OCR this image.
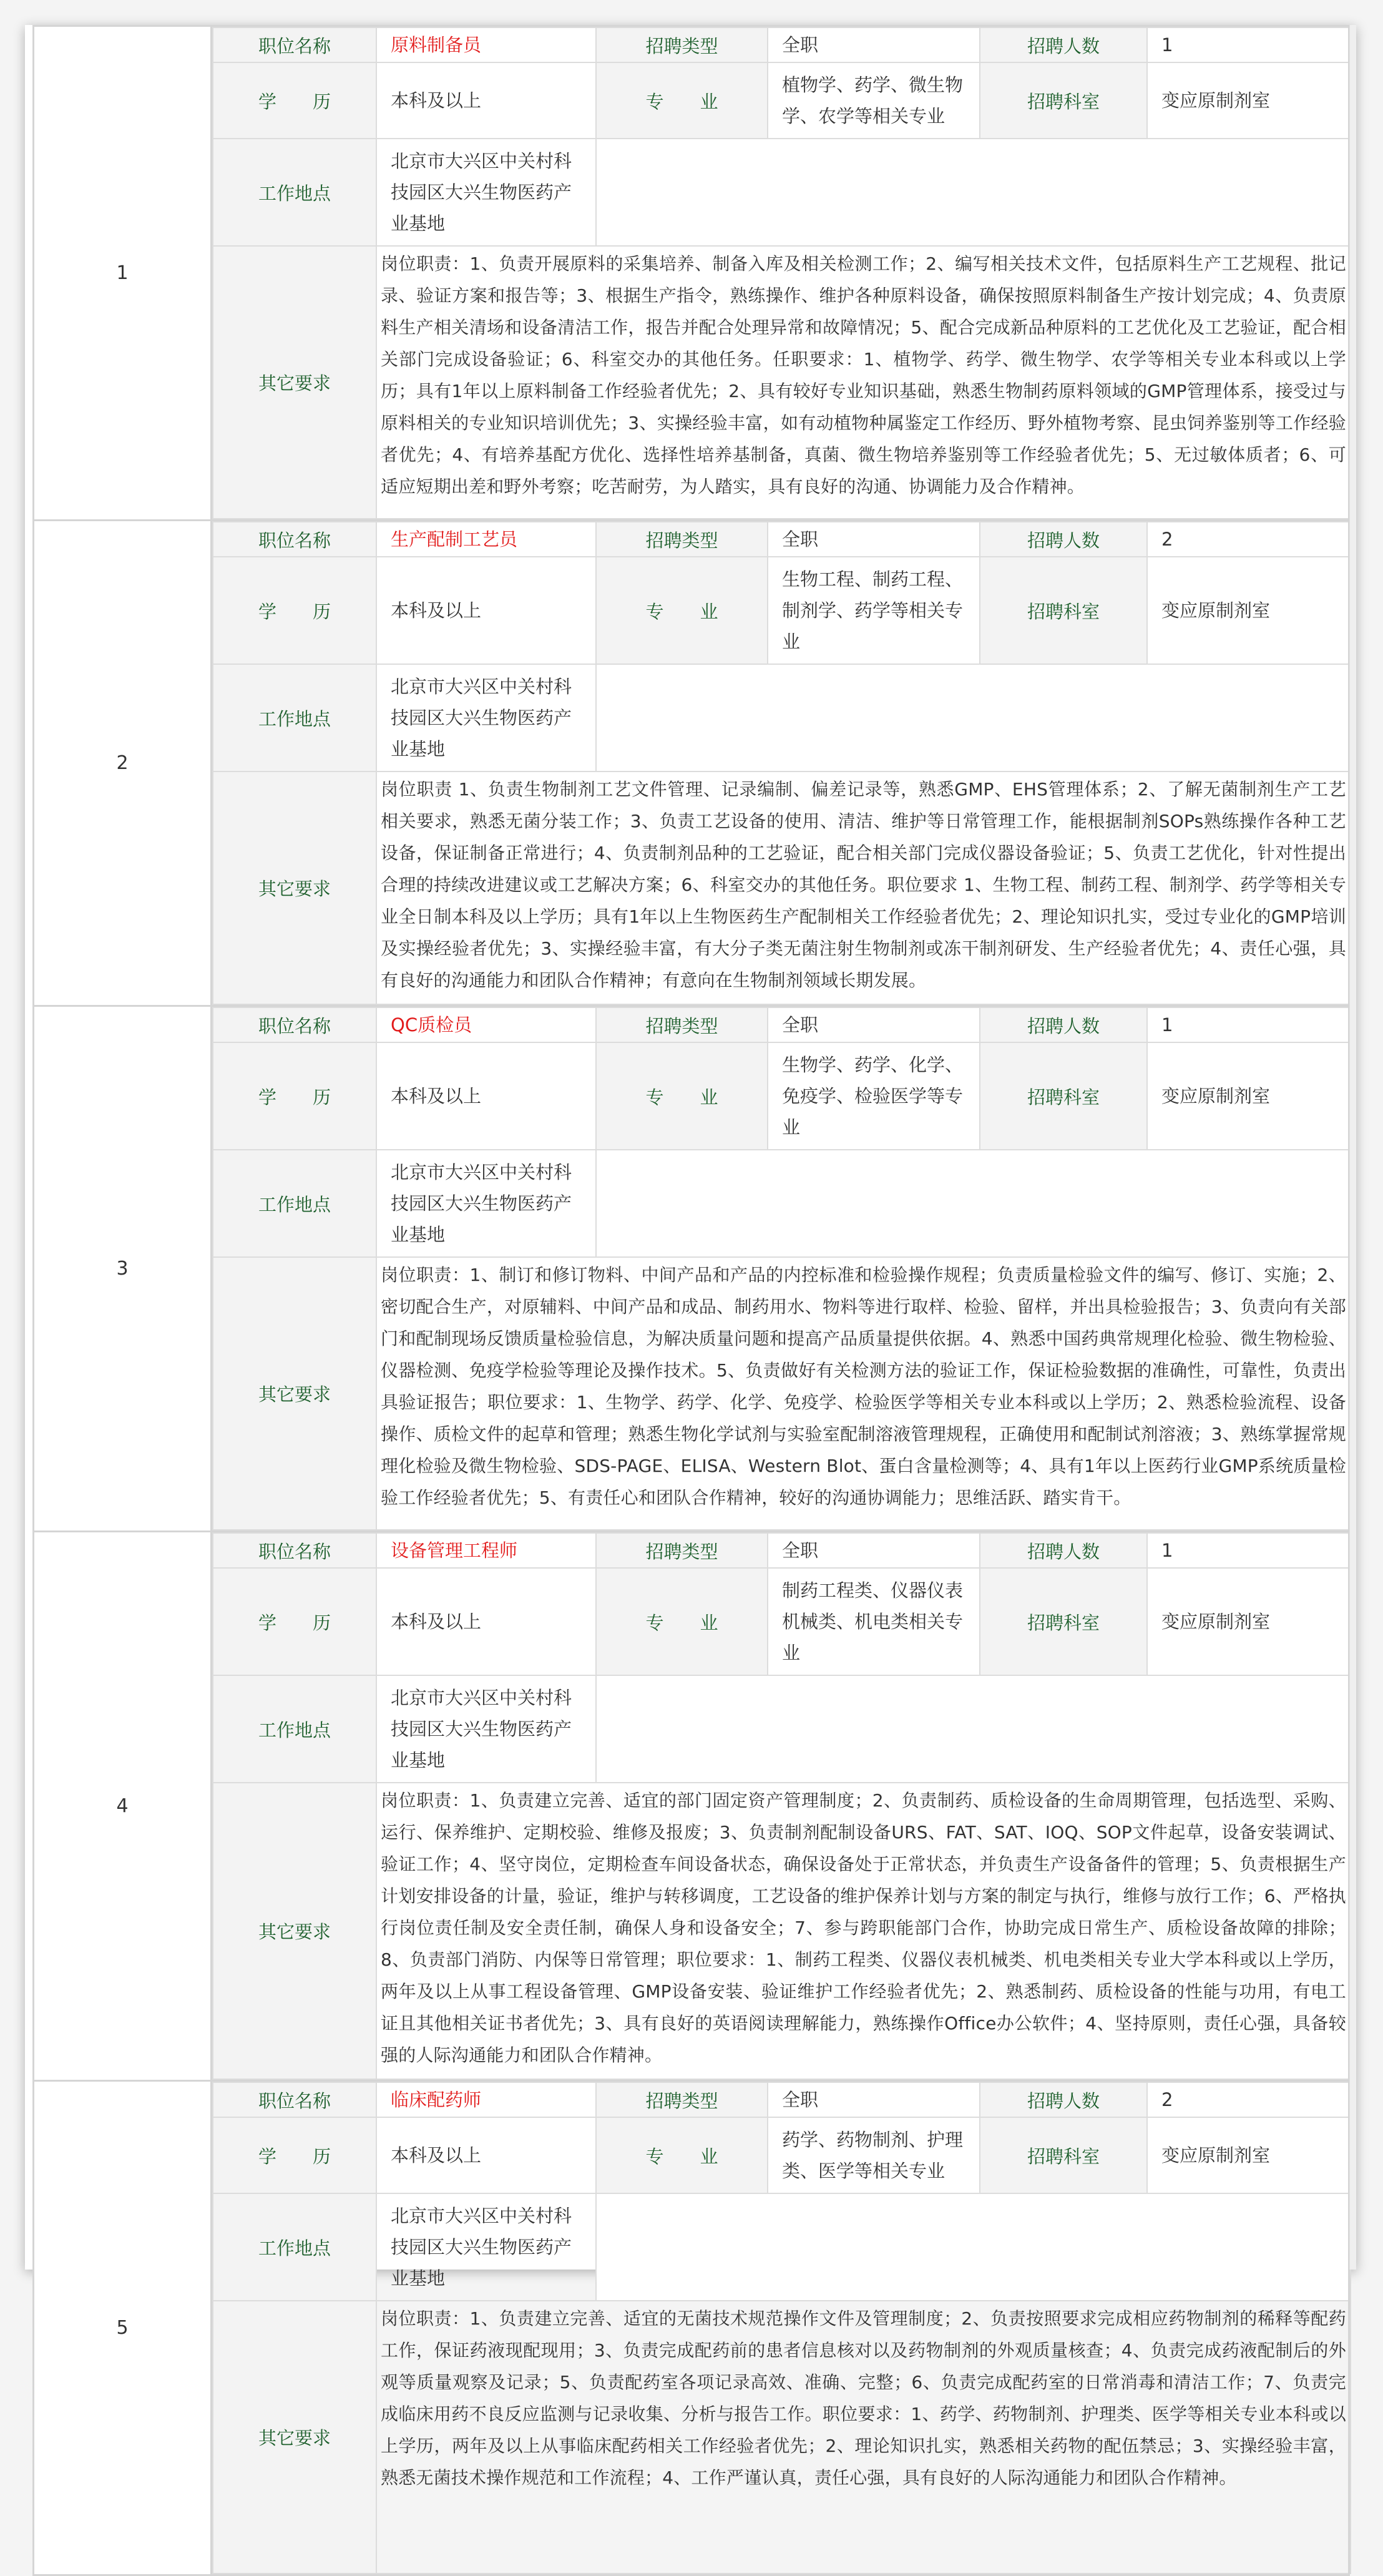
1	
职位名称	原料制备员	招聘类型	全职	招聘人数	1
学　　历	本科及以上	专　　业	植物学、药学、微生物学、农学等相关专业	招聘科室	变应原制剂室
工作地点	北京市大兴区中关村科技园区大兴生物医药产业基地	
其它要求	岗位职责：1、负责开展原料的采集培养、制备入库及相关检测工作；2、编写相关技术文件，包括原料生产工艺规程、批记录、验证方案和报告等；3、根据生产指令，熟练操作、维护各种原料设备，确保按照原料制备生产按计划完成；4、负责原料生产相关清场和设备清洁工作，报告并配合处理异常和故障情况；5、配合完成新品种原料的工艺优化及工艺验证，配合相关部门完成设备验证；6、科室交办的其他任务。任职要求：1、植物学、药学、微生物学、农学等相关专业本科或以上学历；具有1年以上原料制备工作经验者优先；2、具有较好专业知识基础，熟悉生物制药原料领域的GMP管理体系，接受过与原料相关的专业知识培训优先；3、实操经验丰富，如有动植物种属鉴定工作经历、野外植物考察、昆虫饲养鉴别等工作经验者优先；4、有培养基配方优化、选择性培养基制备，真菌、微生物培养鉴别等工作经验者优先；5、无过敏体质者；6、可适应短期出差和野外考察；吃苦耐劳，为人踏实，具有良好的沟通、协调能力及合作精神。

2	
职位名称	生产配制工艺员	招聘类型	全职	招聘人数	2
学　　历	本科及以上	专　　业	生物工程、制药工程、制剂学、药学等相关专业	招聘科室	变应原制剂室
工作地点	北京市大兴区中关村科技园区大兴生物医药产业基地	
其它要求	岗位职责 1、负责生物制剂工艺文件管理、记录编制、偏差记录等，熟悉GMP、EHS管理体系；2、了解无菌制剂生产工艺相关要求，熟悉无菌分装工作；3、负责工艺设备的使用、清洁、维护等日常管理工作，能根据制剂SOPs熟练操作各种工艺设备，保证制备正常进行；4、负责制剂品种的工艺验证，配合相关部门完成仪器设备验证；5、负责工艺优化，针对性提出合理的持续改进建议或工艺解决方案；6、科室交办的其他任务。职位要求 1、生物工程、制药工程、制剂学、药学等相关专业全日制本科及以上学历；具有1年以上生物医药生产配制相关工作经验者优先；2、理论知识扎实，受过专业化的GMP培训及实操经验者优先；3、实操经验丰富，有大分子类无菌注射生物制剂或冻干制剂研发、生产经验者优先；4、责任心强，具有良好的沟通能力和团队合作精神；有意向在生物制剂领域长期发展。

3	
职位名称	QC质检员	招聘类型	全职	招聘人数	1
学　　历	本科及以上	专　　业	生物学、药学、化学、免疫学、检验医学等专业	招聘科室	变应原制剂室
工作地点	北京市大兴区中关村科技园区大兴生物医药产业基地	
其它要求	岗位职责：1、制订和修订物料、中间产品和产品的内控标准和检验操作规程；负责质量检验文件的编写、修订、实施；2、密切配合生产，对原辅料、中间产品和成品、制药用水、物料等进行取样、检验、留样，并出具检验报告；3、负责向有关部门和配制现场反馈质量检验信息，为解决质量问题和提高产品质量提供依据。4、熟悉中国药典常规理化检验、微生物检验、仪器检测、免疫学检验等理论及操作技术。5、负责做好有关检测方法的验证工作，保证检验数据的准确性，可靠性，负责出具验证报告；职位要求：1、生物学、药学、化学、免疫学、检验医学等相关专业本科或以上学历；2、熟悉检验流程、设备操作、质检文件的起草和管理；熟悉生物化学试剂与实验室配制溶液管理规程，正确使用和配制试剂溶液；3、熟练掌握常规理化检验及微生物检验、SDS-PAGE、ELISA、Western Blot、蛋白含量检测等；4、具有1年以上医药行业GMP系统质量检验工作经验者优先；5、有责任心和团队合作精神，较好的沟通协调能力；思维活跃、踏实肯干。

4	
职位名称	设备管理工程师	招聘类型	全职	招聘人数	1
学　　历	本科及以上	专　　业	制药工程类、仪器仪表机械类、机电类相关专业	招聘科室	变应原制剂室
工作地点	北京市大兴区中关村科技园区大兴生物医药产业基地	
其它要求	岗位职责：1、负责建立完善、适宜的部门固定资产管理制度；2、负责制药、质检设备的生命周期管理，包括选型、采购、运行、保养维护、定期校验、维修及报废；3、负责制剂配制设备URS、FAT、SAT、IOQ、SOP文件起草，设备安装调试、验证工作；4、坚守岗位，定期检查车间设备状态，确保设备处于正常状态，并负责生产设备备件的管理；5、负责根据生产计划安排设备的计量，验证，维护与转移调度，工艺设备的维护保养计划与方案的制定与执行，维修与放行工作；6、严格执行岗位责任制及安全责任制，确保人身和设备安全；7、参与跨职能部门合作，协助完成日常生产、质检设备故障的排除；8、负责部门消防、内保等日常管理；职位要求：1、制药工程类、仪器仪表机械类、机电类相关专业大学本科或以上学历，两年及以上从事工程设备管理、GMP设备安装、验证维护工作经验者优先；2、熟悉制药、质检设备的性能与功用，有电工证且其他相关证书者优先；3、具有良好的英语阅读理解能力，熟练操作Office办公软件；4、坚持原则，责任心强，具备较强的人际沟通能力和团队合作精神。

5	
职位名称	临床配药师	招聘类型	全职	招聘人数	2
学　　历	本科及以上	专　　业	药学、药物制剂、护理类、医学等相关专业	招聘科室	变应原制剂室
工作地点	北京市大兴区中关村科技园区大兴生物医药产业基地	
其它要求	岗位职责：1、负责建立完善、适宜的无菌技术规范操作文件及管理制度；2、负责按照要求完成相应药物制剂的稀释等配药工作，保证药液现配现用；3、负责完成配药前的患者信息核对以及药物制剂的外观质量核查；4、负责完成药液配制后的外观等质量观察及记录；5、负责配药室各项记录高效、准确、完整；6、负责完成配药室的日常消毒和清洁工作；7、负责完成临床用药不良反应监测与记录收集、分析与报告工作。职位要求：1、药学、药物制剂、护理类、医学等相关专业本科或以上学历，两年及以上从事临床配药相关工作经验者优先；2、理论知识扎实，熟悉相关药物的配伍禁忌；3、实操经验丰富，熟悉无菌技术操作规范和工作流程；4、工作严谨认真，责任心强，具有良好的人际沟通能力和团队合作精神。
